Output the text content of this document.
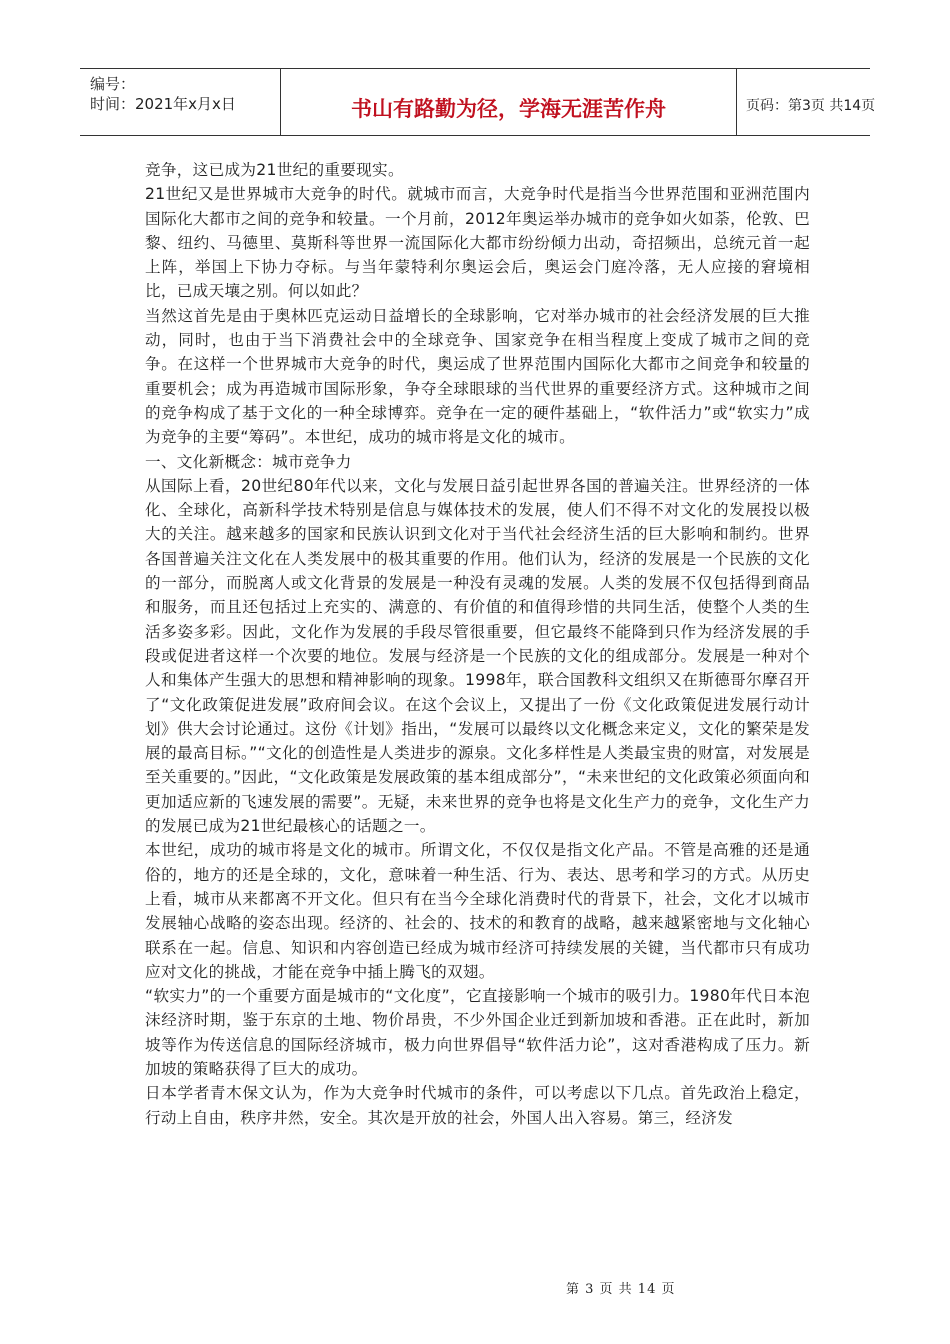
编号：
时间：2021年x月x日	书山有路勤为径，学海无涯苦作舟	页码：第3页 共14页

竞争，这已成为21世纪的重要现实。

21世纪又是世界城市大竞争的时代。就城市而言，大竞争时代是指当今世界范围和亚洲范围内国际化大都市之间的竞争和较量。一个月前，2012年奥运举办城市的竞争如火如荼，伦敦、巴黎、纽约、马德里、莫斯科等世界一流国际化大都市纷纷倾力出动，奇招频出，总统元首一起上阵，举国上下协力夺标。与当年蒙特利尔奥运会后，奥运会门庭冷落，无人应接的窘境相比，已成天壤之别。何以如此？

当然这首先是由于奥林匹克运动日益增长的全球影响，它对举办城市的社会经济发展的巨大推动，同时，也由于当下消费社会中的全球竞争、国家竞争在相当程度上变成了城市之间的竞争。在这样一个世界城市大竞争的时代，奥运成了世界范围内国际化大都市之间竞争和较量的重要机会；成为再造城市国际形象，争夺全球眼球的当代世界的重要经济方式。这种城市之间的竞争构成了基于文化的一种全球博弈。竞争在一定的硬件基础上，“软件活力”或“软实力”成为竞争的主要“筹码”。本世纪，成功的城市将是文化的城市。

一、文化新概念：城市竞争力

从国际上看，20世纪80年代以来，文化与发展日益引起世界各国的普遍关注。世界经济的一体化、全球化，高新科学技术特别是信息与媒体技术的发展，使人们不得不对文化的发展投以极大的关注。越来越多的国家和民族认识到文化对于当代社会经济生活的巨大影响和制约。世界各国普遍关注文化在人类发展中的极其重要的作用。他们认为，经济的发展是一个民族的文化的一部分，而脱离人或文化背景的发展是一种没有灵魂的发展。人类的发展不仅包括得到商品和服务，而且还包括过上充实的、满意的、有价值的和值得珍惜的共同生活，使整个人类的生活多姿多彩。因此，文化作为发展的手段尽管很重要，但它最终不能降到只作为经济发展的手段或促进者这样一个次要的地位。发展与经济是一个民族的文化的组成部分。发展是一种对个人和集体产生强大的思想和精神影响的现象。1998年，联合国教科文组织又在斯德哥尔摩召开了“文化政策促进发展”政府间会议。在这个会议上，又提出了一份《文化政策促进发展行动计划》供大会讨论通过。这份《计划》指出，“发展可以最终以文化概念来定义，文化的繁荣是发展的最高目标。”“文化的创造性是人类进步的源泉。文化多样性是人类最宝贵的财富，对发展是至关重要的。”因此，“文化政策是发展政策的基本组成部分”，“未来世纪的文化政策必须面向和更加适应新的飞速发展的需要”。无疑，未来世界的竞争也将是文化生产力的竞争，文化生产力的发展已成为21世纪最核心的话题之一。

本世纪，成功的城市将是文化的城市。所谓文化，不仅仅是指文化产品。不管是高雅的还是通俗的，地方的还是全球的，文化，意味着一种生活、行为、表达、思考和学习的方式。从历史上看，城市从来都离不开文化。但只有在当今全球化消费时代的背景下，社会，文化才以城市发展轴心战略的姿态出现。经济的、社会的、技术的和教育的战略，越来越紧密地与文化轴心联系在一起。信息、知识和内容创造已经成为城市经济可持续发展的关键，当代都市只有成功应对文化的挑战，才能在竞争中插上腾飞的双翅。

“软实力”的一个重要方面是城市的“文化度”，它直接影响一个城市的吸引力。1980年代日本泡沫经济时期，鉴于东京的土地、物价昂贵，不少外国企业迁到新加坡和香港。正在此时，新加坡等作为传送信息的国际经济城市，极力向世界倡导“软件活力论”，这对香港构成了压力。新加坡的策略获得了巨大的成功。

日本学者青木保文认为，作为大竞争时代城市的条件，可以考虑以下几点。首先政治上稳定，行动上自由，秩序井然，安全。其次是开放的社会，外国人出入容易。第三，经济发

第 3 页 共 14 页
